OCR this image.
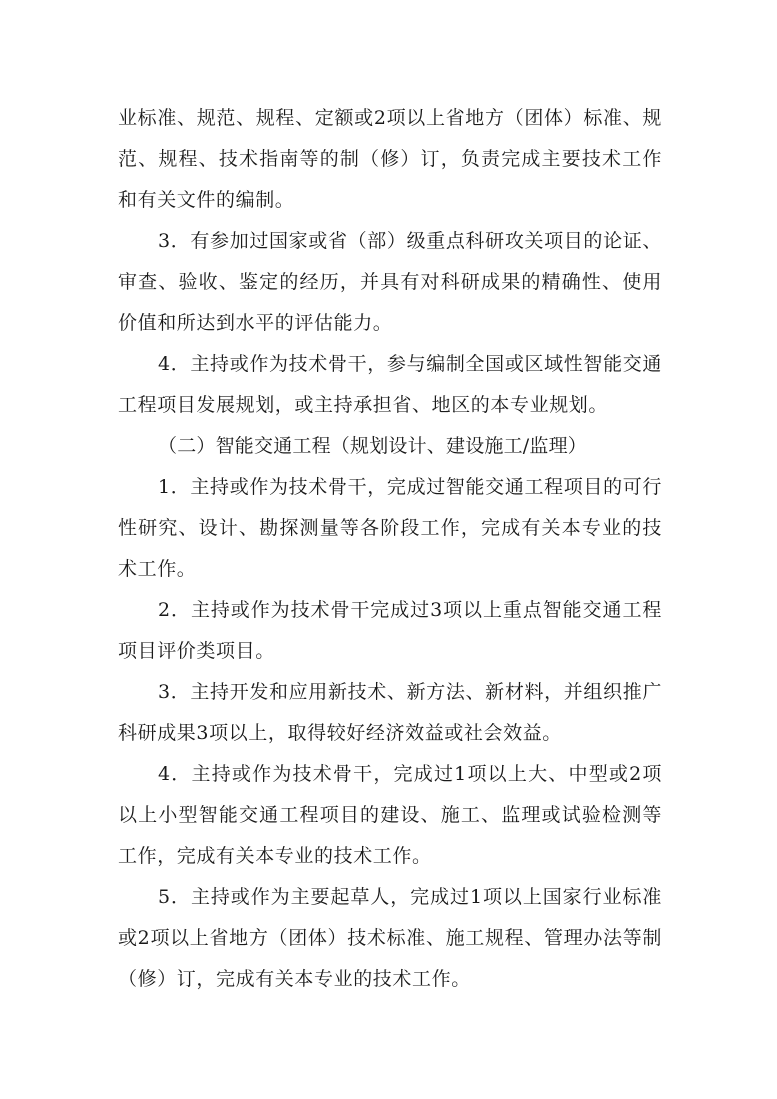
业标准、规范、规程、定额或2项以上省地方（团体）标准、规范、规程、技术指南等的制（修）订，负责完成主要技术工作和有关文件的编制。

3．有参加过国家或省（部）级重点科研攻关项目的论证、审查、验收、鉴定的经历，并具有对科研成果的精确性、使用价值和所达到水平的评估能力。

4．主持或作为技术骨干，参与编制全国或区域性智能交通工程项目发展规划，或主持承担省、地区的本专业规划。

（二）智能交通工程（规划设计、建设施工/监理）

1．主持或作为技术骨干，完成过智能交通工程项目的可行性研究、设计、勘探测量等各阶段工作，完成有关本专业的技术工作。

2．主持或作为技术骨干完成过3项以上重点智能交通工程项目评价类项目。

3．主持开发和应用新技术、新方法、新材料，并组织推广科研成果3项以上，取得较好经济效益或社会效益。

4．主持或作为技术骨干，完成过1项以上大、中型或2项以上小型智能交通工程项目的建设、施工、监理或试验检测等工作，完成有关本专业的技术工作。

5．主持或作为主要起草人，完成过1项以上国家行业标准或2项以上省地方（团体）技术标准、施工规程、管理办法等制（修）订，完成有关本专业的技术工作。
